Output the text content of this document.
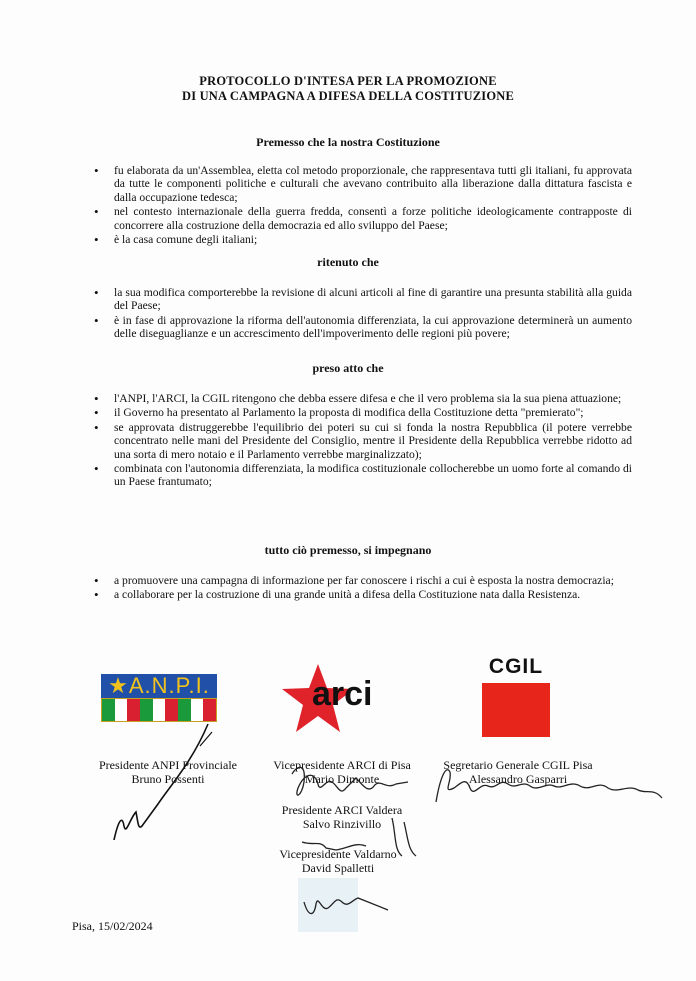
PROTOCOLLO D'INTESA PER LA PROMOZIONE
DI UNA CAMPAGNA A DIFESA DELLA COSTITUZIONE
Premesso che la nostra Costituzione
• fu elaborata da un'Assemblea, eletta col metodo proporzionale, che rappresentava tutti gli italiani, fu approvata da tutte le componenti politiche e culturali che avevano contribuito alla liberazione dalla dittatura fascista e dalla occupazione tedesca;
• nel contesto internazionale della guerra fredda, consentì a forze politiche ideologicamente contrapposte di concorrere alla costruzione della democrazia ed allo sviluppo del Paese;
• è la casa comune degli italiani;
ritenuto che
• la sua modifica comporterebbe la revisione di alcuni articoli al fine di garantire una presunta stabilità alla guida del Paese;
• è in fase di approvazione la riforma dell'autonomia differenziata, la cui approvazione determinerà un aumento delle diseguaglianze e un accrescimento dell'impoverimento delle regioni più povere;
preso atto che
• l'ANPI, l'ARCI, la CGIL ritengono che debba essere difesa e che il vero problema sia la sua piena attuazione;
• il Governo ha presentato al Parlamento la proposta di modifica della Costituzione detta "premierato";
• se approvata distruggerebbe l'equilibrio dei poteri su cui si fonda la nostra Repubblica (il potere verrebbe concentrato nelle mani del Presidente del Consiglio, mentre il Presidente della Repubblica verrebbe ridotto ad una sorta di mero notaio e il Parlamento verrebbe marginalizzato);
• combinata con l'autonomia differenziata, la modifica costituzionale collocherebbe un uomo forte al comando di un Paese frantumato;
tutto ciò premesso, si impegnano
• a promuovere una campagna di informazione per far conoscere i rischi a cui è esposta la nostra democrazia;
• a collaborare per la costruzione di una grande unità a difesa della Costituzione nata dalla Resistenza.
★A.N.P.I.	arci
CGIL
Presidente ANPI Provinciale
Bruno Possenti
Vicepresidente ARCI di Pisa
Mario Dimonte
Segretario Generale CGIL Pisa
Alessandro Gasparri
Presidente ARCI Valdera
Salvo Rinzivillo
Vicepresidente Valdarno
David Spalletti
Pisa, 15/02/2024
